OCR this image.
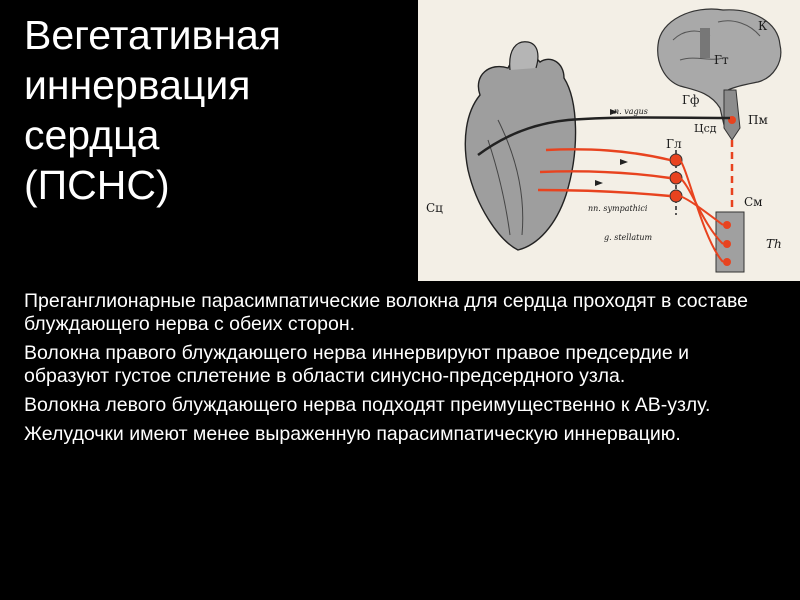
Вегетативная
иннервация
сердца
(ПСНС)
К
Гт
Гф
Цсд
Пм
Гл
См
Th
Сц
n. vagus
nn. sympathici
g. stellatum

Преганглионарные парасимпатические волокна для сердца проходят в составе блуждающего нерва с обеих сторон.

Волокна правого блуждающего нерва иннервируют правое предсердие и образуют густое сплетение в области синусно-предсердного узла.

Волокна левого блуждающего нерва подходят преимущественно к АВ-узлу.

Желудочки имеют менее выраженную парасимпатическую иннервацию.
